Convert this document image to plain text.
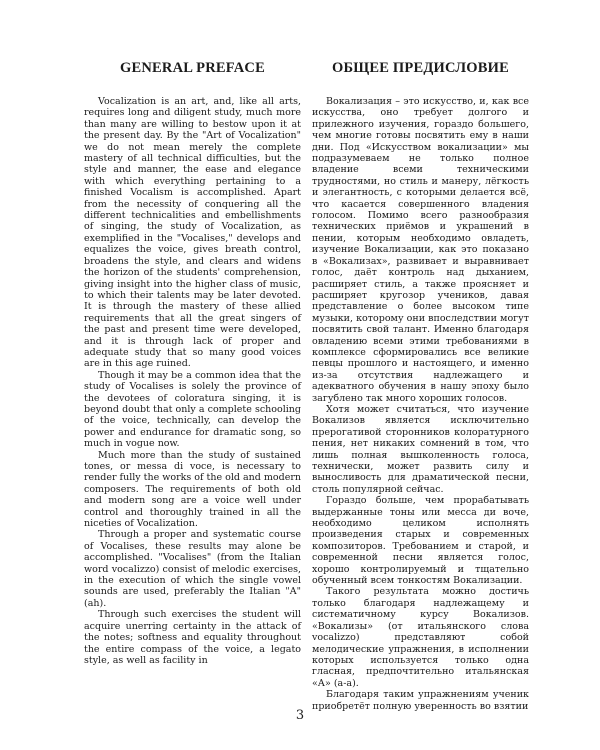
GENERAL PREFACE

Vocalization is an art, and, like all arts, requires long and diligent study, much more than many are willing to bestow upon it at the present day. By the "Art of Vocalization" we do not mean merely the complete mastery of all technical difficulties, but the style and manner, the ease and elegance with which everything pertaining to a finished Vocalism is accomplished. Apart from the necessity of conquering all the different technicalities and embellishments of singing, the study of Vocalization, as exemplified in the "Vocalises," develops and equalizes the voice, gives breath control, broadens the style, and clears and widens the horizon of the students' comprehension, giving insight into the higher class of music, to which their talents may be later devoted. It is through the mastery of these allied requirements that all the great singers of the past and present time were developed, and it is through lack of proper and adequate study that so many good voices are in this age ruined.

Though it may be a common idea that the study of Vocalises is solely the province of the devotees of coloratura singing, it is beyond doubt that only a complete schooling of the voice, technically, can develop the power and endurance for dramatic song, so much in vogue now.

Much more than the study of sustained tones, or messa di voce, is necessary to render fully the works of the old and modern composers. The requirements of both old and modern song are a voice well under control and thoroughly trained in all the niceties of Vocalization.

Through a proper and systematic course of Vocalises, these results may alone be accomplished. "Vocalises" (from the Italian word vocalizzo) consist of melodic exercises, in the execution of which the single vowel sounds are used, preferably the Italian "A" (ah).

Through such exercises the student will acquire unerring certainty in the attack of the notes; softness and equality throughout the entire compass of the voice, a legato style, as well as facility in

ОБЩЕЕ ПРЕДИСЛОВИЕ

Вокализация – это искусство, и, как все искусства, оно требует долгого и прилежного изучения, гораздо большего, чем многие готовы посвятить ему в наши дни. Под «Искусством вокализации» мы подразумеваем не только полное владение всеми техническими трудностями, но стиль и манеру, лёгкость и элегантность, с которыми делается всё, что касается совершенного владения голосом. Помимо всего разнообразия технических приёмов и украшений в пении, которым необходимо овладеть, изучение Вокализации, как это показано в «Вокализах», развивает и выравнивает голос, даёт контроль над дыханием, расширяет стиль, а также проясняет и расширяет кругозор учеников, давая представление о более высоком типе музыки, которому они впоследствии могут посвятить свой талант. Именно благодаря овладению всеми этими требованиями в комплексе сформировались все великие певцы прошлого и настоящего, и именно из-за отсутствия надлежащего и адекватного обучения в нашу эпоху было загублено так много хороших голосов.

Хотя может считаться, что изучение Вокализов является исключительно прерогативой сторонников колоратурного пения, нет никаких сомнений в том, что лишь полная вышколенность голоса, технически, может развить силу и выносливость для драматической песни, столь популярной сейчас.

Гораздо больше, чем прорабатывать выдержанные тоны или месса ди воче, необходимо целиком исполнять произведения старых и современных композиторов. Требованием и старой, и современной песни является голос, хорошо контролируемый и тщательно обученный всем тонкостям Вокализации.

Такого результата можно достичь только благодаря надлежащему и систематичному курсу Вокализов. «Вокализы» (от итальянского слова vocalizzo) представляют собой мелодические упражнения, в исполнении которых используется только одна гласная, предпочтительно итальянская «А» (а-а).

Благодаря таким упражнениям ученик приобретёт полную уверенность во взятии

3
